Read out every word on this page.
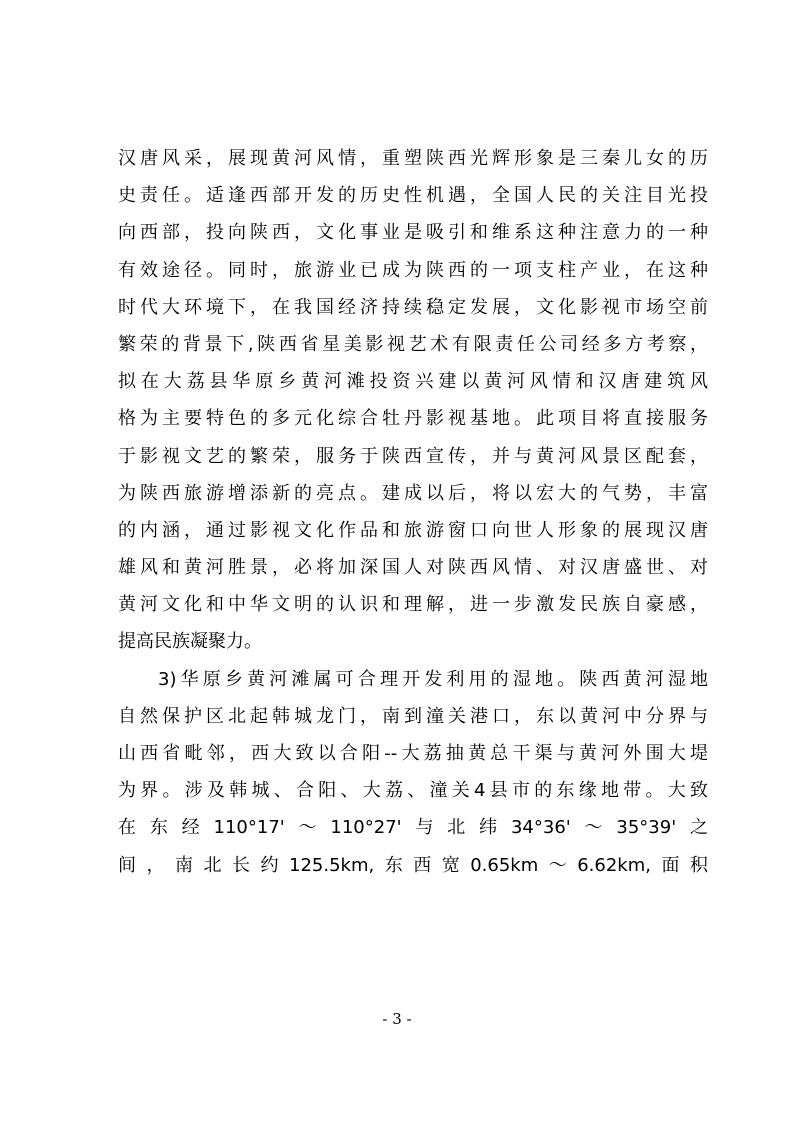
汉唐风采，展现黄河风情，重塑陕西光辉形象是三秦儿女的历
史责任。适逢西部开发的历史性机遇，全国人民的关注目光投
向西部，投向陕西，文化事业是吸引和维系这种注意力的一种
有效途径。同时，旅游业已成为陕西的一项支柱产业，在这种
时代大环境下，在我国经济持续稳定发展，文化影视市场空前
繁荣的背景下,陕西省星美影视艺术有限责任公司经多方考察，
拟在大荔县华原乡黄河滩投资兴建以黄河风情和汉唐建筑风
格为主要特色的多元化综合牡丹影视基地。此项目将直接服务
于影视文艺的繁荣，服务于陕西宣传，并与黄河风景区配套，
为陕西旅游增添新的亮点。建成以后，将以宏大的气势，丰富
的内涵，通过影视文化作品和旅游窗口向世人形象的展现汉唐
雄风和黄河胜景，必将加深国人对陕西风情、对汉唐盛世、对
黄河文化和中华文明的认识和理解，进一步激发民族自豪感，
提高民族凝聚力。
3)华原乡黄河滩属可合理开发利用的湿地。陕西黄河湿地
自然保护区北起韩城龙门，南到潼关港口，东以黄河中分界与
山西省毗邻，西大致以合阳--大荔抽黄总干渠与黄河外围大堤
为界。涉及韩城、合阳、大荔、潼关4县市的东缘地带。大致
在东经110°17'～110°27'与北纬34°36'～35°39'之
间，南北长约125.5km,东西宽0.65km～6.62km,面积
- 3 -
